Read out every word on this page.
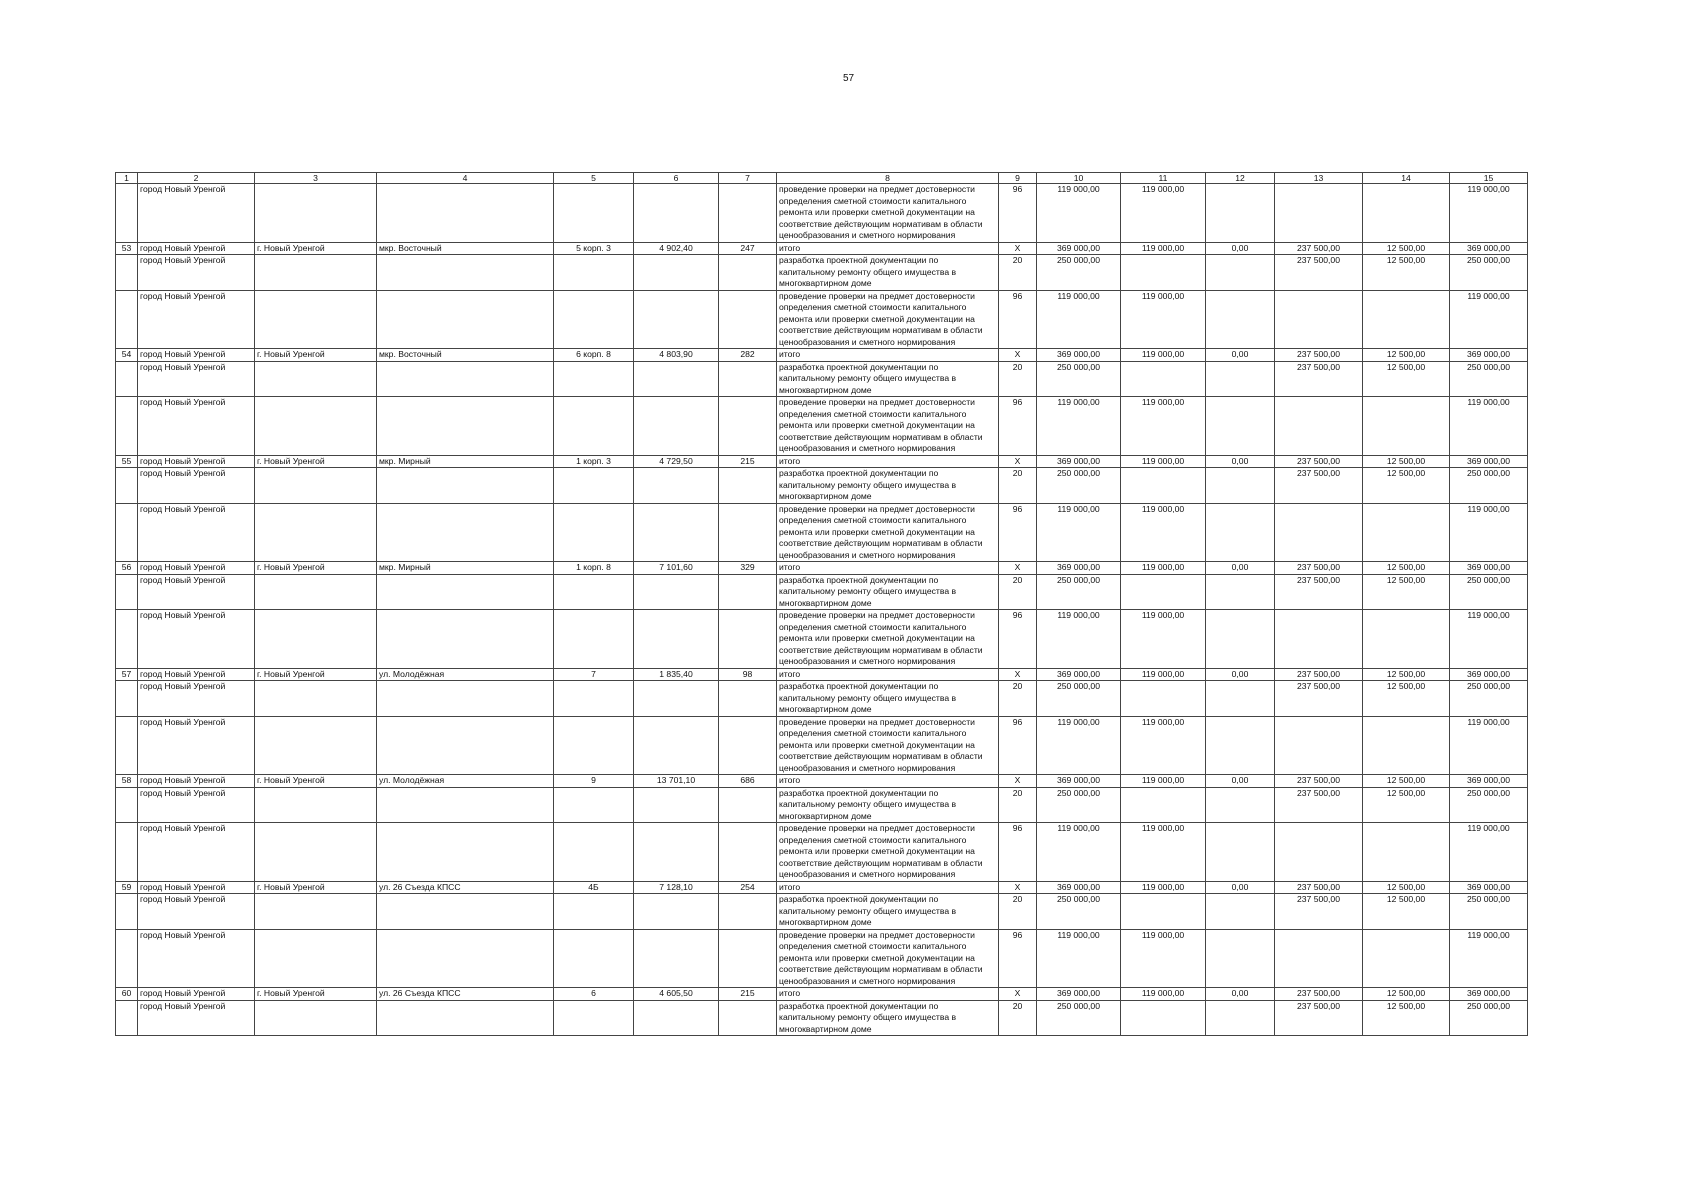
57
1	2	3	4	5	6	7	8	9	10	11	12	13	14	15
	город Новый Уренгой						проведение проверки на предмет достоверности определения сметной стоимости капитального ремонта или проверки сметной документации на соответствие действующим нормативам в области ценообразования и сметного нормирования	96	119 000,00	119 000,00				119 000,00
53	город Новый Уренгой	г. Новый Уренгой	мкр. Восточный	5 корп. 3	4 902,40	247	итого	X	369 000,00	119 000,00	0,00	237 500,00	12 500,00	369 000,00
	город Новый Уренгой						разработка проектной документации по капитальному ремонту общего имущества в многоквартирном доме	20	250 000,00			237 500,00	12 500,00	250 000,00
	город Новый Уренгой						проведение проверки на предмет достоверности определения сметной стоимости капитального ремонта или проверки сметной документации на соответствие действующим нормативам в области ценообразования и сметного нормирования	96	119 000,00	119 000,00				119 000,00
54	город Новый Уренгой	г. Новый Уренгой	мкр. Восточный	6 корп. 8	4 803,90	282	итого	X	369 000,00	119 000,00	0,00	237 500,00	12 500,00	369 000,00
	город Новый Уренгой						разработка проектной документации по капитальному ремонту общего имущества в многоквартирном доме	20	250 000,00			237 500,00	12 500,00	250 000,00
	город Новый Уренгой						проведение проверки на предмет достоверности определения сметной стоимости капитального ремонта или проверки сметной документации на соответствие действующим нормативам в области ценообразования и сметного нормирования	96	119 000,00	119 000,00				119 000,00
55	город Новый Уренгой	г. Новый Уренгой	мкр. Мирный	1 корп. 3	4 729,50	215	итого	X	369 000,00	119 000,00	0,00	237 500,00	12 500,00	369 000,00
	город Новый Уренгой						разработка проектной документации по капитальному ремонту общего имущества в многоквартирном доме	20	250 000,00			237 500,00	12 500,00	250 000,00
	город Новый Уренгой						проведение проверки на предмет достоверности определения сметной стоимости капитального ремонта или проверки сметной документации на соответствие действующим нормативам в области ценообразования и сметного нормирования	96	119 000,00	119 000,00				119 000,00
56	город Новый Уренгой	г. Новый Уренгой	мкр. Мирный	1 корп. 8	7 101,60	329	итого	X	369 000,00	119 000,00	0,00	237 500,00	12 500,00	369 000,00
	город Новый Уренгой						разработка проектной документации по капитальному ремонту общего имущества в многоквартирном доме	20	250 000,00			237 500,00	12 500,00	250 000,00
	город Новый Уренгой						проведение проверки на предмет достоверности определения сметной стоимости капитального ремонта или проверки сметной документации на соответствие действующим нормативам в области ценообразования и сметного нормирования	96	119 000,00	119 000,00				119 000,00
57	город Новый Уренгой	г. Новый Уренгой	ул. Молодёжная	7	1 835,40	98	итого	X	369 000,00	119 000,00	0,00	237 500,00	12 500,00	369 000,00
	город Новый Уренгой						разработка проектной документации по капитальному ремонту общего имущества в многоквартирном доме	20	250 000,00			237 500,00	12 500,00	250 000,00
	город Новый Уренгой						проведение проверки на предмет достоверности определения сметной стоимости капитального ремонта или проверки сметной документации на соответствие действующим нормативам в области ценообразования и сметного нормирования	96	119 000,00	119 000,00				119 000,00
58	город Новый Уренгой	г. Новый Уренгой	ул. Молодёжная	9	13 701,10	686	итого	X	369 000,00	119 000,00	0,00	237 500,00	12 500,00	369 000,00
	город Новый Уренгой						разработка проектной документации по капитальному ремонту общего имущества в многоквартирном доме	20	250 000,00			237 500,00	12 500,00	250 000,00
	город Новый Уренгой						проведение проверки на предмет достоверности определения сметной стоимости капитального ремонта или проверки сметной документации на соответствие действующим нормативам в области ценообразования и сметного нормирования	96	119 000,00	119 000,00				119 000,00
59	город Новый Уренгой	г. Новый Уренгой	ул. 26 Съезда КПСС	4Б	7 128,10	254	итого	X	369 000,00	119 000,00	0,00	237 500,00	12 500,00	369 000,00
	город Новый Уренгой						разработка проектной документации по капитальному ремонту общего имущества в многоквартирном доме	20	250 000,00			237 500,00	12 500,00	250 000,00
	город Новый Уренгой						проведение проверки на предмет достоверности определения сметной стоимости капитального ремонта или проверки сметной документации на соответствие действующим нормативам в области ценообразования и сметного нормирования	96	119 000,00	119 000,00				119 000,00
60	город Новый Уренгой	г. Новый Уренгой	ул. 26 Съезда КПСС	6	4 605,50	215	итого	X	369 000,00	119 000,00	0,00	237 500,00	12 500,00	369 000,00
	город Новый Уренгой						разработка проектной документации по капитальному ремонту общего имущества в многоквартирном доме	20	250 000,00			237 500,00	12 500,00	250 000,00
